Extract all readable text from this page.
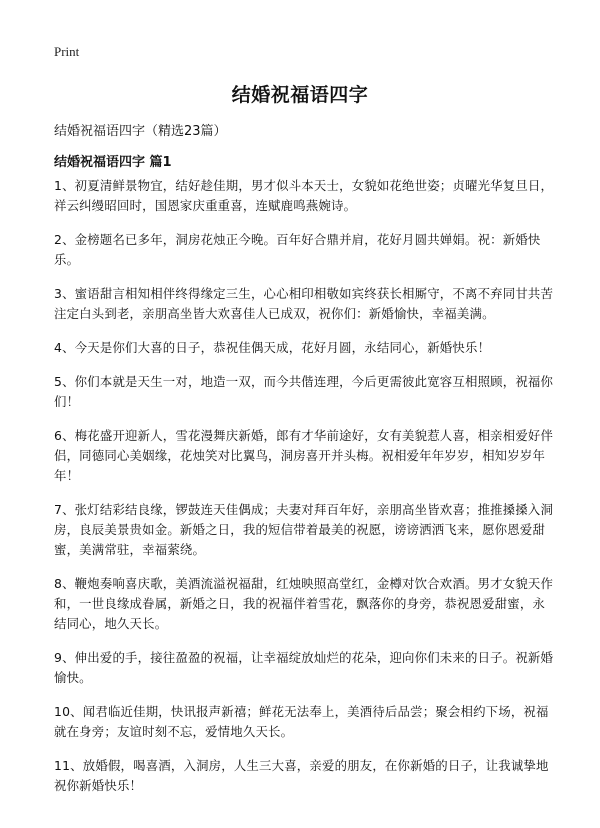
Print
结婚祝福语四字
结婚祝福语四字（精选23篇）
结婚祝福语四字 篇1
1、初夏清鲜景物宜，结好趁佳期，男才似斗本天士，女貌如花绝世姿；贞曜光华复旦日，祥云纠缦昭回时，国恩家庆重重喜，连赋鹿鸣燕婉诗。
2、金榜题名已多年，洞房花烛正今晚。百年好合鼎并肩，花好月圆共婵娟。祝：新婚快乐。
3、蜜语甜言相知相伴终得缘定三生，心心相印相敬如宾终获长相厮守，不离不弃同甘共苦注定白头到老，亲朋高坐皆大欢喜佳人已成双，祝你们：新婚愉快，幸福美满。
4、今天是你们大喜的日子，恭祝佳偶天成，花好月圆，永结同心，新婚快乐！
5、你们本就是天生一对，地造一双，而今共偕连理，今后更需彼此宽容互相照顾，祝福你们！
6、梅花盛开迎新人，雪花漫舞庆新婚，郎有才华前途好，女有美貌惹人喜，相亲相爱好伴侣，同德同心美姻缘，花烛笑对比翼鸟，洞房喜开并头梅。祝相爱年年岁岁，相知岁岁年年！
7、张灯结彩结良缘，锣鼓连天佳偶成；夫妻对拜百年好，亲朋高坐皆欢喜；推推搡搡入洞房，良辰美景贵如金。新婚之日，我的短信带着最美的祝愿，谤谤洒洒飞来，愿你恩爱甜蜜，美满常驻，幸福萦绕。
8、鞭炮奏响喜庆歌，美酒流溢祝福甜，红烛映照高堂红，金樽对饮合欢酒。男才女貌天作和，一世良缘成眷属，新婚之日，我的祝福伴着雪花，飘落你的身旁，恭祝恩爱甜蜜，永结同心，地久天长。
9、伸出爱的手，接往盈盈的祝福，让幸福绽放灿烂的花朵，迎向你们未来的日子。祝新婚愉快。
10、闻君临近佳期，快讯报声新禧；鲜花无法奉上，美酒待后品尝；聚会相约下场，祝福就在身旁；友谊时刻不忘，爱情地久天长。
11、放婚假，喝喜酒，入洞房，人生三大喜，亲爱的朋友，在你新婚的日子，让我诚挚地祝你新婚快乐！
